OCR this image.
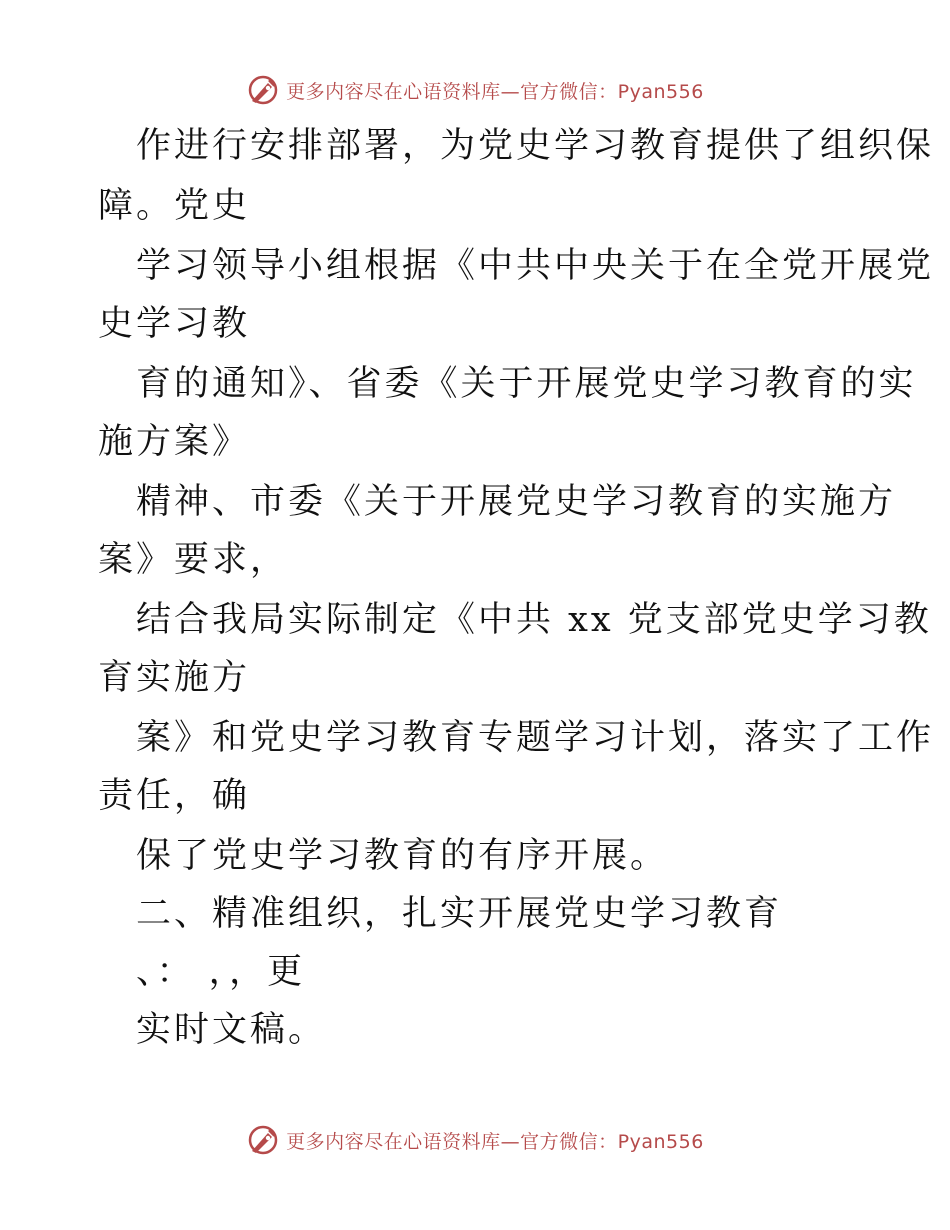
更多内容尽在心语资料库—官方微信：Pyan556
作进行安排部署，为党史学习教育提供了组织保
障。党史
学习领导小组根据《中共中央关于在全党开展党
史学习教
育的通知》、省委《关于开展党史学习教育的实
施方案》
精神、市委《关于开展党史学习教育的实施方
案》要求，
结合我局实际制定《中共 xx 党支部党史学习教
育实施方
案》和党史学习教育专题学习计划，落实了工作
责任，确
保了党史学习教育的有序开展。
二、精准组织，扎实开展党史学习教育
、： ，，更
实时文稿。
更多内容尽在心语资料库—官方微信：Pyan556
